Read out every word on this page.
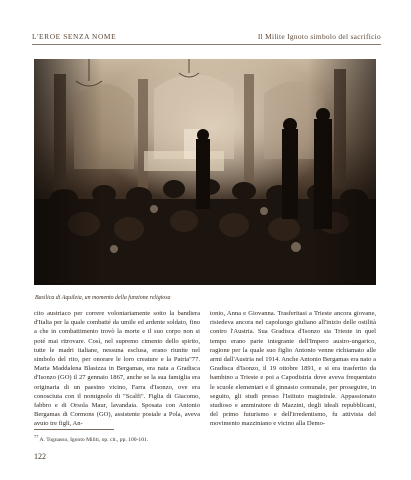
L'EROE SENZA NOME	Il Milite Ignoto simbolo del sacrificio
Basilica di Aquileia, un momento della funzione religiosa

cito austriaco per correre volontariamente sotto la bandiera d'Italia per la quale combatté da umile ed ardente soldato, fino a che in combattimento trovò la morte e il suo corpo non si poté mai ritrovare. Così, nel supremo cimento dello spirito, tutte le madri italiane, nessuna esclusa, erano riunite nel simbolo del rito, per onorare le loro creature e la Patria"77. Maria Maddalena Blasizza in Bergamas, era nata a Gradisca d'Isonzo (GO) il 27 gennaio 1867, anche se la sua famiglia era originaria di un paesino vicino, Farra d'Isonzo, ove era conosciuta con il nomignolo di "Scalfi". Figlia di Giacomo, fabbro e di Orsola Maur, lavandaia. Sposata con Antonio Bergamas di Cormons (GO), assistente postale a Pola, aveva avuto tre figli, An-

tonio, Anna e Giovanna. Trasferitasi a Trieste ancora giovane, risiedeva ancora nel capoluogo giuliano all'inizio delle ostilità contro l'Austria. Sua Gradisca d'Isonzo sia Trieste in quel tempo erano parte integrante dell'Impero austro-ungarico, ragione per la quale suo figlio Antonio venne richiamato alle armi dall'Austria nel 1914. Anche Antonio Bergamas era nato a Gradisca d'Isonzo, il 19 ottobre 1891, e si era trasferito da bambino a Trieste e poi a Capodistria dove aveva frequentato le scuole elementari e il ginnasio comunale, per proseguire, in seguito, gli studi presso l'Istituto magistrale. Appassionato studioso e ammiratore di Mazzini, degli ideali repubblicani, del primo futurismo e dell'irredentismo, fu attivista del movimento mazziniano e vicino alla Demo-

$^{77}$ A. Tognasso, Ignoto Militi, op. cit., pp. 100-101.
122
